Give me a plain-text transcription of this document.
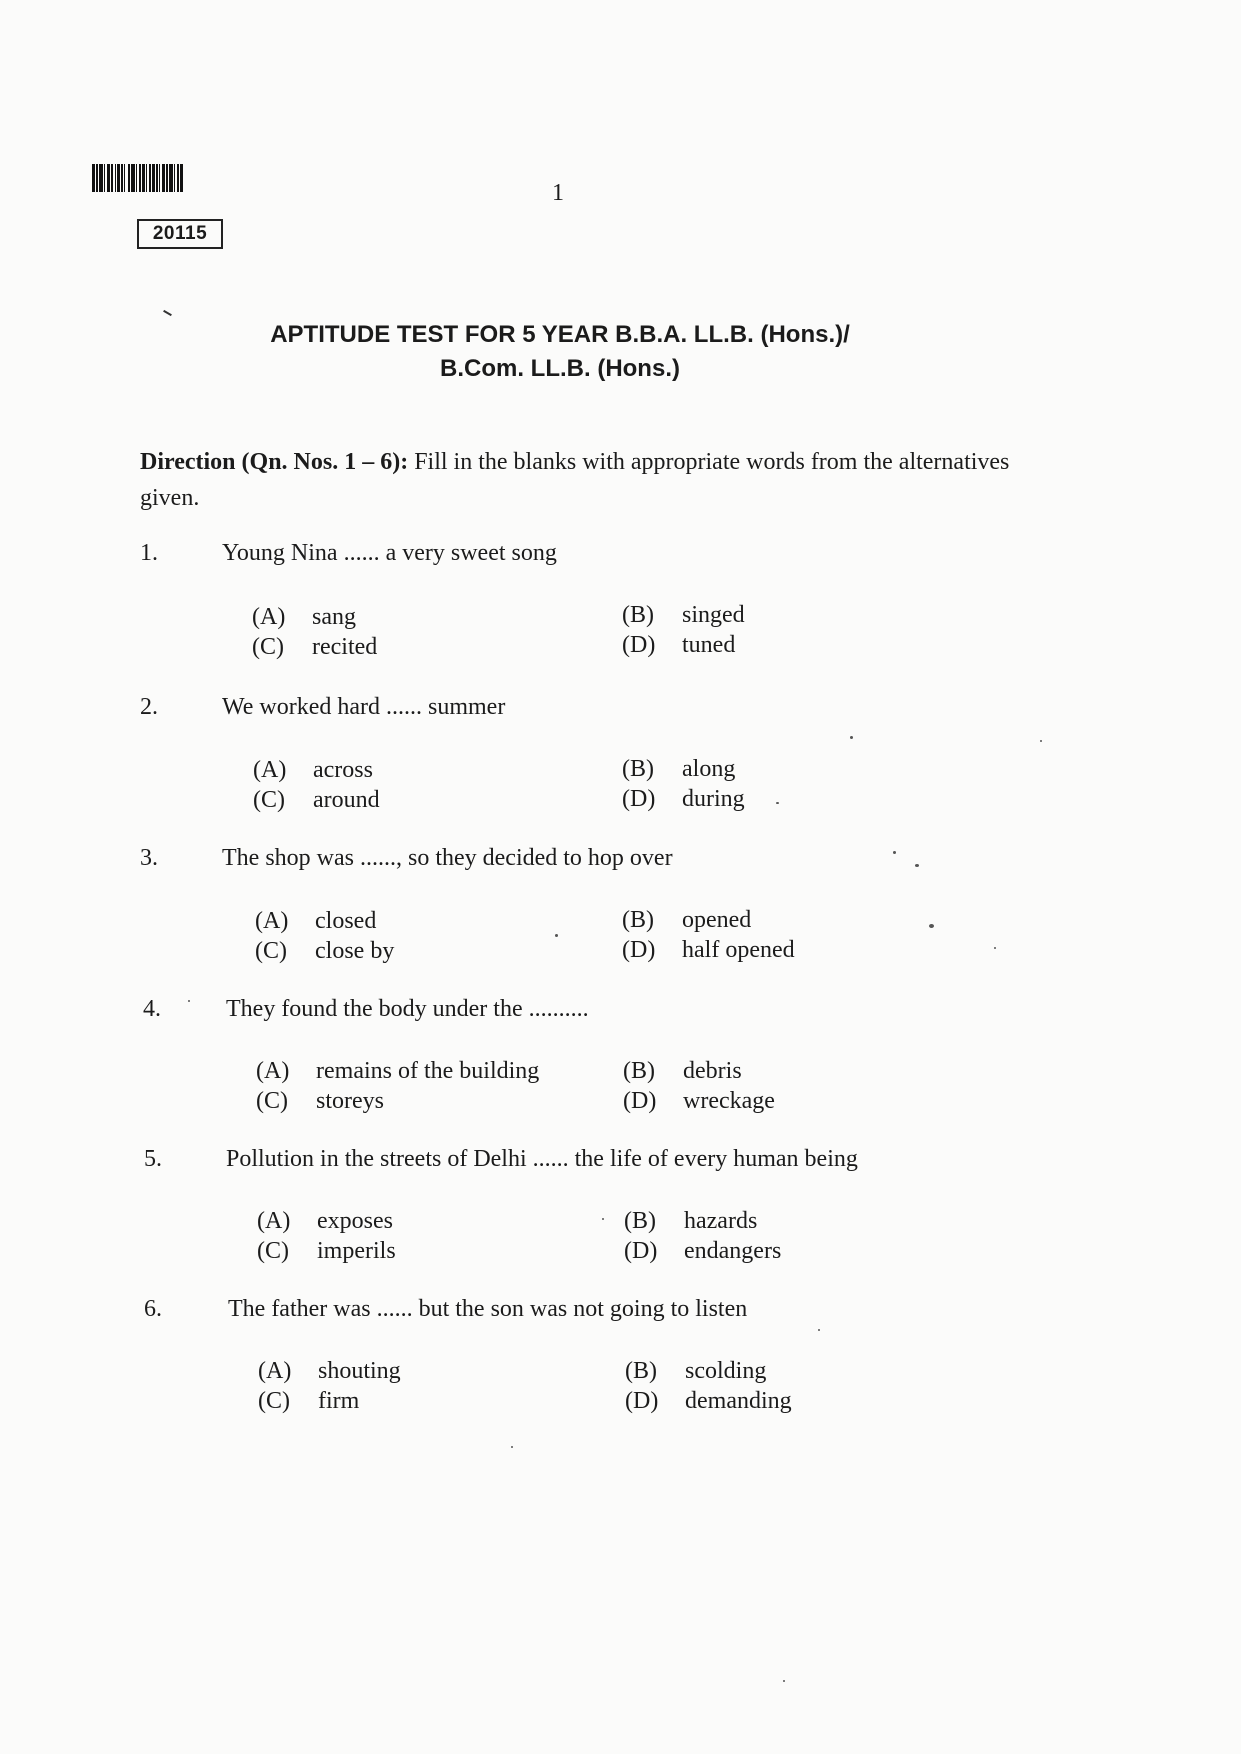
1
20115
APTITUDE TEST FOR 5 YEAR B.B.A. LL.B. (Hons.)/
B.Com. LL.B. (Hons.)
Direction (Qn. Nos. 1 – 6): Fill in the blanks with appropriate words from the alternatives given.
1.	Young Nina ...... a very sweet song
(A) sang	(B) singed
(C) recited	(D) tuned
2.	We worked hard ...... summer
(A) across	(B) along
(C) around	(D) during
3.	The shop was ......, so they decided to hop over
(A) closed	(B) opened
(C) close by	(D) half opened
4.	They found the body under the ..........
(A) remains of the building	(B) debris
(C) storeys	(D) wreckage
5.	Pollution in the streets of Delhi ...... the life of every human being
(A) exposes	(B) hazards
(C) imperils	(D) endangers
6.	The father was ...... but the son was not going to listen
(A) shouting	(B) scolding
(C) firm	(D) demanding
